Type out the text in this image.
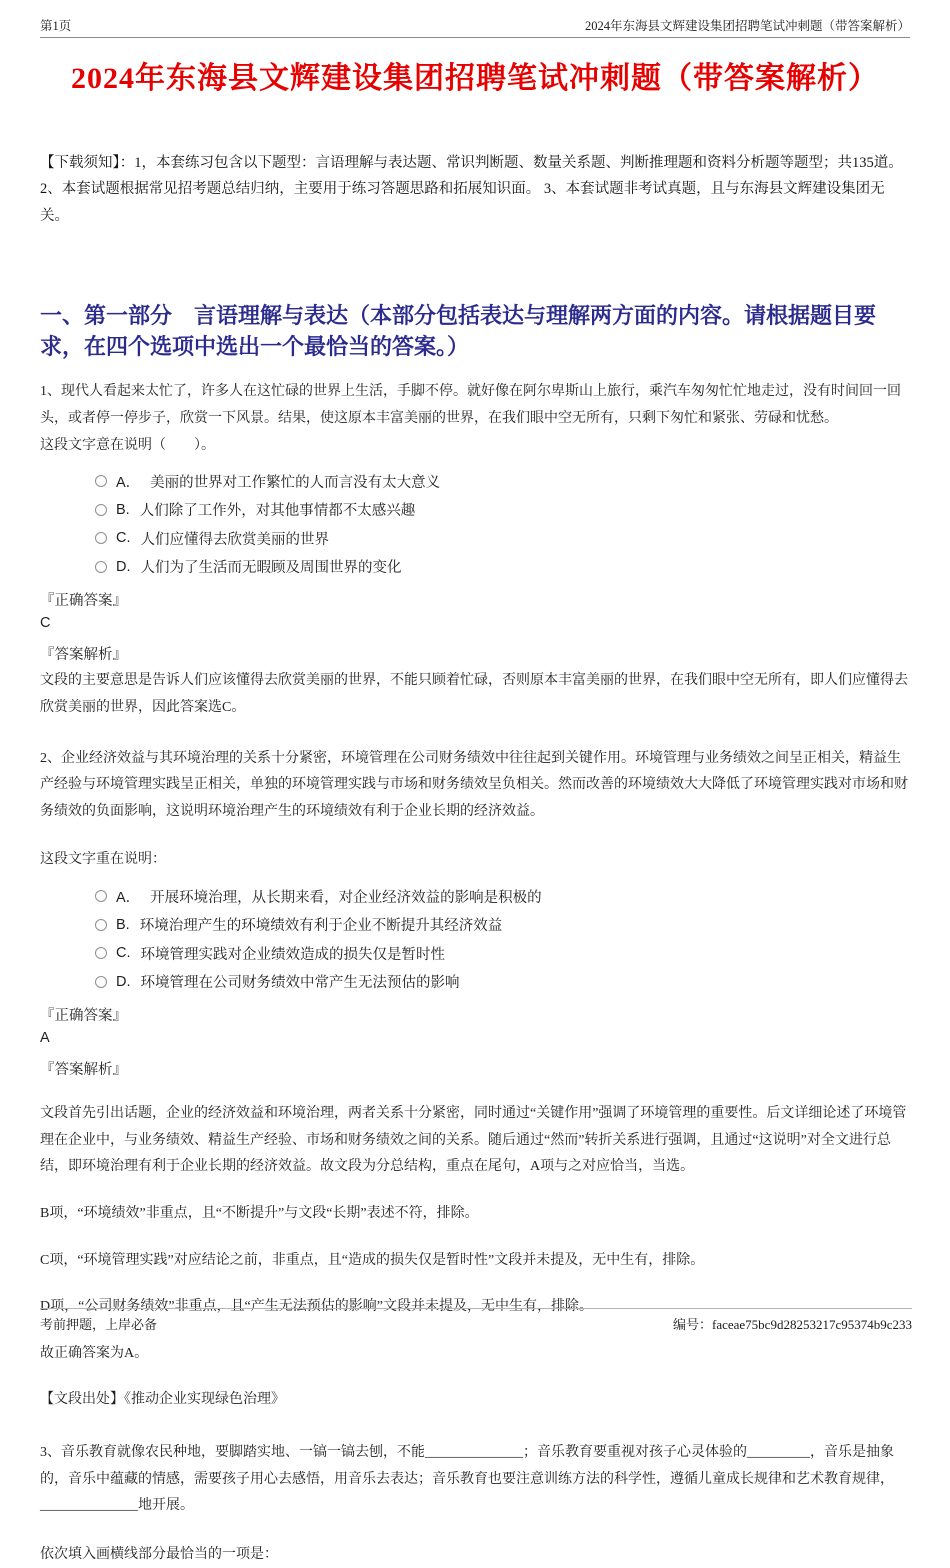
第1页	2024年东海县文辉建设集团招聘笔试冲刺题（带答案解析）
2024年东海县文辉建设集团招聘笔试冲刺题（带答案解析）
【下载须知】：1，本套练习包含以下题型：言语理解与表达题、常识判断题、数量关系题、判断推理题和资料分析题等题型；共135道。 2、本套试题根据常见招考题总结归纳，主要用于练习答题思路和拓展知识面。 3、本套试题非考试真题，且与东海县文辉建设集团无关。
一、第一部分　言语理解与表达（本部分包括表达与理解两方面的内容。请根据题目要求，在四个选项中选出一个最恰当的答案。）
1、现代人看起来太忙了，许多人在这忙碌的世界上生活，手脚不停。就好像在阿尔卑斯山上旅行，乘汽车匆匆忙忙地走过，没有时间回一回头，或者停一停步子，欣赏一下风景。结果，使这原本丰富美丽的世界，在我们眼中空无所有，只剩下匆忙和紧张、劳碌和忧愁。
这段文字意在说明（　　）。
A． 美丽的世界对工作繁忙的人而言没有太大意义
B. 人们除了工作外，对其他事情都不太感兴趣
C. 人们应懂得去欣赏美丽的世界
D. 人们为了生活而无暇顾及周围世界的变化
『正确答案』
C
『答案解析』
文段的主要意思是告诉人们应该懂得去欣赏美丽的世界，不能只顾着忙碌，否则原本丰富美丽的世界，在我们眼中空无所有，即人们应懂得去欣赏美丽的世界，因此答案选C。
2、企业经济效益与其环境治理的关系十分紧密，环境管理在公司财务绩效中往往起到关键作用。环境管理与业务绩效之间呈正相关，精益生产经验与环境管理实践呈正相关，单独的环境管理实践与市场和财务绩效呈负相关。然而改善的环境绩效大大降低了环境管理实践对市场和财务绩效的负面影响，这说明环境治理产生的环境绩效有利于企业长期的经济效益。
这段文字重在说明：
A． 开展环境治理，从长期来看，对企业经济效益的影响是积极的
B. 环境治理产生的环境绩效有利于企业不断提升其经济效益
C. 环境管理实践对企业绩效造成的损失仅是暂时性
D. 环境管理在公司财务绩效中常产生无法预估的影响
『正确答案』
A
『答案解析』
文段首先引出话题，企业的经济效益和环境治理，两者关系十分紧密，同时通过“关键作用”强调了环境管理的重要性。后文详细论述了环境管理在企业中，与业务绩效、精益生产经验、市场和财务绩效之间的关系。随后通过“然而”转折关系进行强调，且通过“这说明”对全文进行总结，即环境治理有利于企业长期的经济效益。故文段为分总结构，重点在尾句，A项与之对应恰当，当选。
B项，“环境绩效”非重点，且“不断提升”与文段“长期”表述不符，排除。
C项，“环境管理实践”对应结论之前，非重点，且“造成的损失仅是暂时性”文段并未提及，无中生有，排除。
D项，“公司财务绩效”非重点，且“产生无法预估的影响”文段并未提及，无中生有，排除。
故正确答案为A。
【文段出处】《推动企业实现绿色治理》
3、音乐教育就像农民种地，要脚踏实地、一镐一镐去刨，不能______________；音乐教育要重视对孩子心灵体验的_________，音乐是抽象的，音乐中蕴藏的情感，需要孩子用心去感悟，用音乐去表达；音乐教育也要注意训练方法的科学性，遵循儿童成长规律和艺术教育规律，______________地开展。
依次填入画横线部分最恰当的一项是：
考前押题，上岸必备	编号：faceae75bc9d28253217c95374b9c233
